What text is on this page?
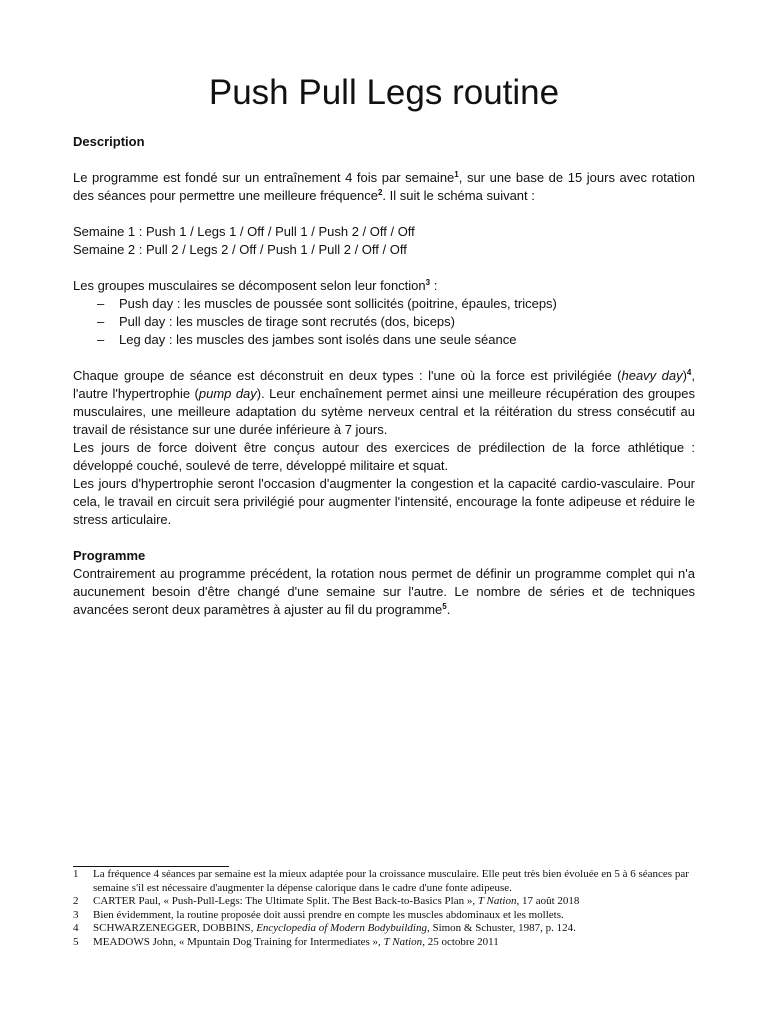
Push Pull Legs routine

Description

Le programme est fondé sur un entraînement 4 fois par semaine$^1$, sur une base de 15 jours avec rotation des séances pour permettre une meilleure fréquence$^2$. Il suit le schéma suivant :

Semaine 1 : Push 1 / Legs 1 / Off / Pull 1 / Push 2 / Off / Off

Semaine 2 : Pull 2 / Legs 2 / Off / Push 1 / Pull 2 / Off / Off

Les groupes musculaires se décomposent selon leur fonction$^3$ :

– Push day : les muscles de poussée sont sollicités (poitrine, épaules, triceps)
– Pull day : les muscles de tirage sont recrutés (dos, biceps)
– Leg day : les muscles des jambes sont isolés dans une seule séance

Chaque groupe de séance est déconstruit en deux types : l'une où la force est privilégiée (heavy day)$^4$, l'autre l'hypertrophie (pump day). Leur enchaînement permet ainsi une meilleure récupération des groupes musculaires, une meilleure adaptation du sytème nerveux central et la réitération du stress consécutif au travail de résistance sur une durée inférieure à 7 jours.

Les jours de force doivent être conçus autour des exercices de prédilection de la force athlétique : développé couché, soulevé de terre, développé militaire et squat.

Les jours d'hypertrophie seront l'occasion d'augmenter la congestion et la capacité cardio-vasculaire. Pour cela, le travail en circuit sera privilégié pour augmenter l'intensité, encourage la fonte adipeuse et réduire le stress articulaire.

Programme

Contrairement au programme précédent, la rotation nous permet de définir un programme complet qui n'a aucunement besoin d'être changé d'une semaine sur l'autre. Le nombre de séries et de techniques avancées seront deux paramètres à ajuster au fil du programme$^5$.

1 La fréquence 4 séances par semaine est la mieux adaptée pour la croissance musculaire. Elle peut très bien évoluée en 5 à 6 séances par semaine s'il est nécessaire d'augmenter la dépense calorique dans le cadre d'une fonte adipeuse.
2 CARTER Paul, « Push-Pull-Legs: The Ultimate Split. The Best Back-to-Basics Plan », T Nation, 17 août 2018
3 Bien évidemment, la routine proposée doit aussi prendre en compte les muscles abdominaux et les mollets.
4 SCHWARZENEGGER, DOBBINS, Encyclopedia of Modern Bodybuilding, Simon & Schuster, 1987, p. 124.
5 MEADOWS John, « Mpuntain Dog Training for Intermediates », T Nation, 25 octobre 2011
